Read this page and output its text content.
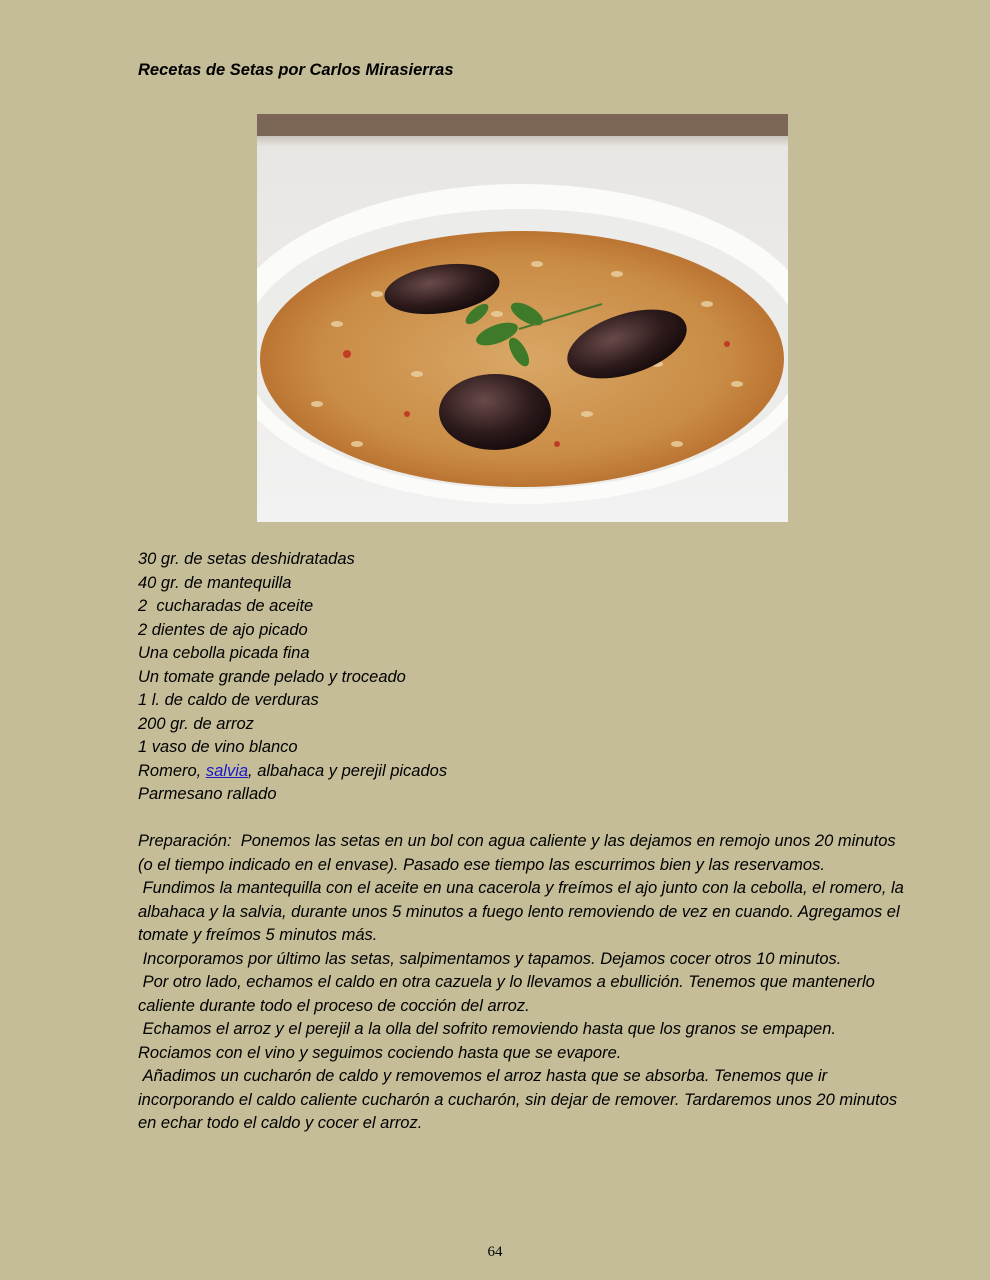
Recetas de Setas por Carlos Mirasierras
30 gr. de setas deshidratadas
40 gr. de mantequilla
2  cucharadas de aceite
2 dientes de ajo picado
Una cebolla picada fina
Un tomate grande pelado y troceado
1 l. de caldo de verduras
200 gr. de arroz
1 vaso de vino blanco
Romero, salvia, albahaca y perejil picados
Parmesano rallado

Preparación:  Ponemos las setas en un bol con agua caliente y las dejamos en remojo unos 20 minutos (o el tiempo indicado en el envase). Pasado ese tiempo las escurrimos bien y las reservamos.

Fundimos la mantequilla con el aceite en una cacerola y freímos el ajo junto con la cebolla, el romero, la albahaca y la salvia, durante unos 5 minutos a fuego lento removiendo de vez en cuando. Agregamos el tomate y freímos 5 minutos más.

Incorporamos por último las setas, salpimentamos y tapamos. Dejamos cocer otros 10 minutos.

Por otro lado, echamos el caldo en otra cazuela y lo llevamos a ebullición. Tenemos que mantenerlo caliente durante todo el proceso de cocción del arroz.

Echamos el arroz y el perejil a la olla del sofrito removiendo hasta que los granos se empapen. Rociamos con el vino y seguimos cociendo hasta que se evapore.

Añadimos un cucharón de caldo y removemos el arroz hasta que se absorba. Tenemos que ir incorporando el caldo caliente cucharón a cucharón, sin dejar de remover. Tardaremos unos 20 minutos en echar todo el caldo y cocer el arroz.

64
